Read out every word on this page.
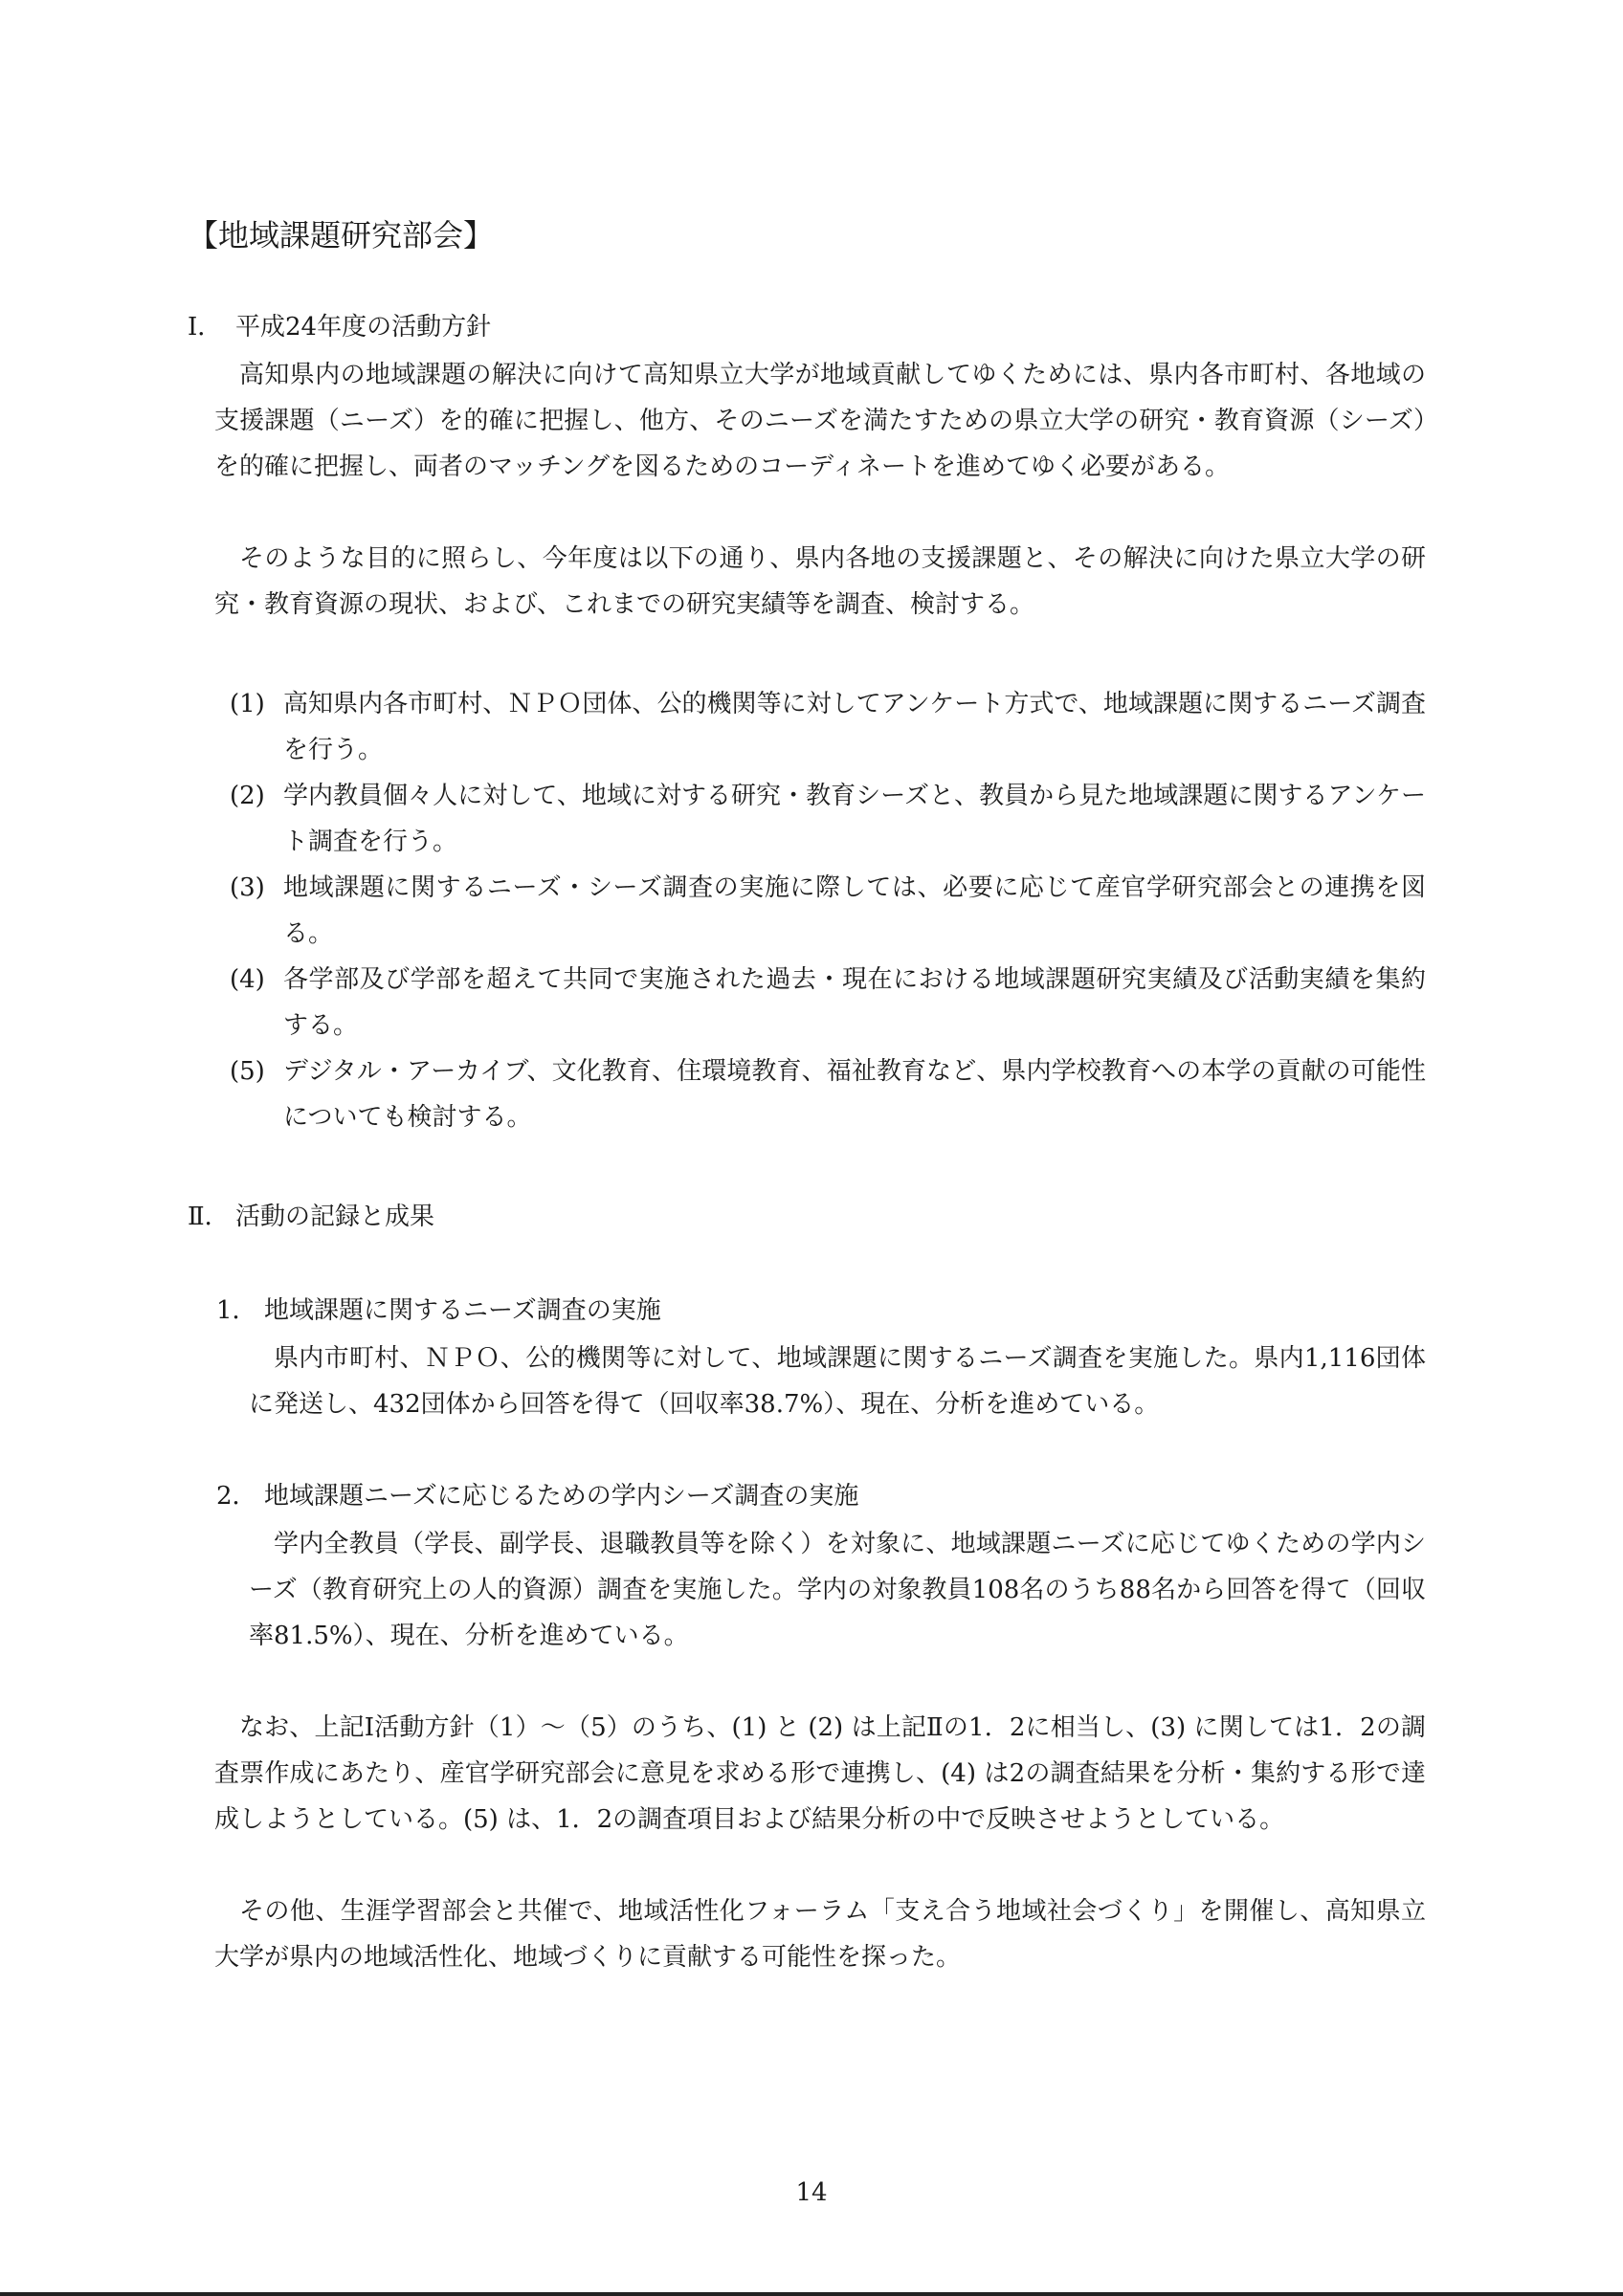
【地域課題研究部会】
Ⅰ． 平成24年度の活動方針

高知県内の地域課題の解決に向けて高知県立大学が地域貢献してゆくためには、県内各市町村、各地域の支援課題（ニーズ）を的確に把握し、他方、そのニーズを満たすための県立大学の研究・教育資源（シーズ）を的確に把握し、両者のマッチングを図るためのコーディネートを進めてゆく必要がある。

そのような目的に照らし、今年度は以下の通り、県内各地の支援課題と、その解決に向けた県立大学の研究・教育資源の現状、および、これまでの研究実績等を調査、検討する。

(1) 高知県内各市町村、ＮＰＯ団体、公的機関等に対してアンケート方式で、地域課題に関するニーズ調査を行う。
(2) 学内教員個々人に対して、地域に対する研究・教育シーズと、教員から見た地域課題に関するアンケート調査を行う。
(3) 地域課題に関するニーズ・シーズ調査の実施に際しては、必要に応じて産官学研究部会との連携を図る。
(4) 各学部及び学部を超えて共同で実施された過去・現在における地域課題研究実績及び活動実績を集約する。
(5) デジタル・アーカイブ、文化教育、住環境教育、福祉教育など、県内学校教育への本学の貢献の可能性についても検討する。
Ⅱ． 活動の記録と成果
1． 地域課題に関するニーズ調査の実施

県内市町村、ＮＰＯ、公的機関等に対して、地域課題に関するニーズ調査を実施した。県内1,116団体に発送し、432団体から回答を得て（回収率38.7%）、現在、分析を進めている。

2． 地域課題ニーズに応じるための学内シーズ調査の実施

学内全教員（学長、副学長、退職教員等を除く）を対象に、地域課題ニーズに応じてゆくための学内シーズ（教育研究上の人的資源）調査を実施した。学内の対象教員108名のうち88名から回答を得て（回収率81.5%）、現在、分析を進めている。

なお、上記Ⅰ活動方針（1）～（5）のうち、(1) と (2) は上記Ⅱの1．2に相当し、(3) に関しては1．2の調査票作成にあたり、産官学研究部会に意見を求める形で連携し、(4) は2の調査結果を分析・集約する形で達成しようとしている。(5) は、1．2の調査項目および結果分析の中で反映させようとしている。

その他、生涯学習部会と共催で、地域活性化フォーラム「支え合う地域社会づくり」を開催し、高知県立大学が県内の地域活性化、地域づくりに貢献する可能性を探った。

14
